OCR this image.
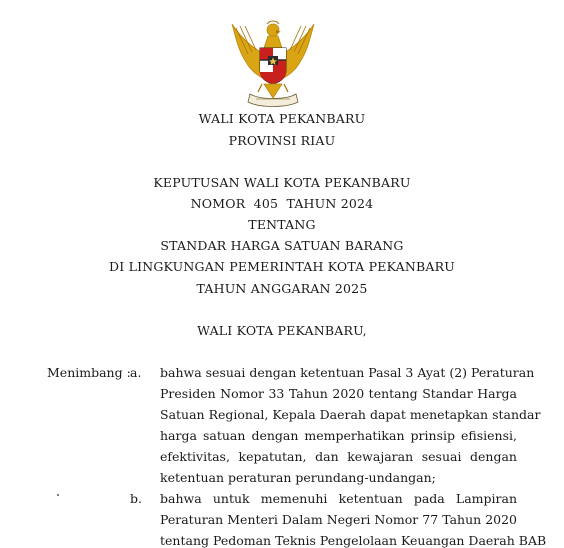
WALI KOTA PEKANBARU
PROVINSI RIAU
KEPUTUSAN WALI KOTA PEKANBARU
NOMOR  405  TAHUN 2024
TENTANG
STANDAR HARGA SATUAN BARANG
DI LINGKUNGAN PEMERINTAH KOTA PEKANBARU
TAHUN ANGGARAN 2025
WALI KOTA PEKANBARU,
Menimbang : a. bahwa sesuai dengan ketentuan Pasal 3 Ayat (2) Peraturan
Presiden Nomor 33 Tahun 2020 tentang Standar Harga
Satuan Regional, Kepala Daerah dapat menetapkan standar
harga satuan dengan memperhatikan prinsip efisiensi,
efektivitas, kepatutan, dan kewajaran sesuai dengan
ketentuan peraturan perundang-undangan;
b. bahwa untuk memenuhi ketentuan pada Lampiran
Peraturan Menteri Dalam Negeri Nomor 77 Tahun 2020
tentang Pedoman Teknis Pengelolaan Keuangan Daerah BAB
